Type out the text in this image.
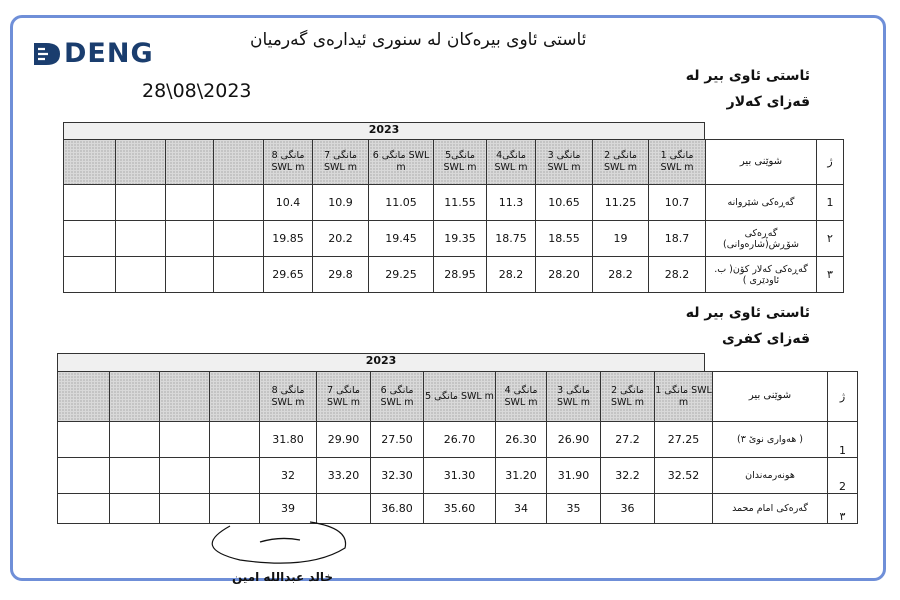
DENG	ئاستی ئاوی بیرەکان لە سنوری ئیدارەی گەرمیان
28\08\2023
ئاستی ئاوی بیر لە
قەزای کەلار
2023
				مانگی 8 SWL m	مانگی 7 SWL m	مانگی 6 SWL m	مانگی5 SWL m	مانگی4 SWL m	مانگی 3 SWL m	مانگی 2 SWL m	مانگی 1 SWL m	شوێنی بیر	ژ
				10.4	10.9	11.05	11.55	11.3	10.65	11.25	10.7	گەڕەکی شێروانە	1
				19.85	20.2	19.45	19.35	18.75	18.55	19	18.7	گەڕەکی شۆڕش(شارەوانی)	٢
				29.65	29.8	29.25	28.95	28.2	28.20	28.2	28.2	گەڕەکی کەلار کۆن( ب. ئاودێری )	٣
ئاستی ئاوی بیر لە
قەزای کفری
2023
				مانگی 8 SWL m	مانگی 7 SWL m	مانگی 6 SWL m	مانگی 5 SWL m	مانگی 4 SWL m	مانگی 3 SWL m	مانگی 2 SWL m	مانگی 1 SWL m	شوێنی بیر	ژ
				31.80	29.90	27.50	26.70	26.30	26.90	27.2	27.25	( هەواری نوێ ٣)	1
				32	33.20	32.30	31.30	31.20	31.90	32.2	32.52	هونەرمەندان	2
				39		36.80	35.60	34	35	36		گەرەکی امام محمد	٣
خالد عبدالله امین
